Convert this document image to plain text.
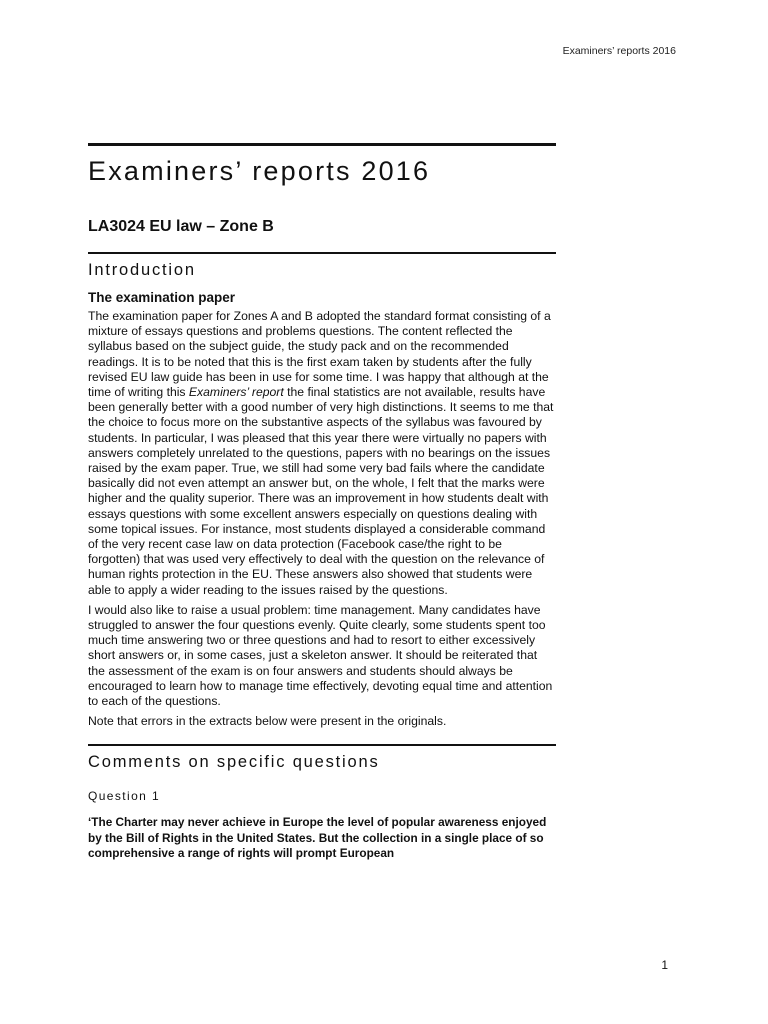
Examiners’ reports 2016
Examiners’ reports 2016
LA3024 EU law – Zone B
Introduction
The examination paper

The examination paper for Zones A and B adopted the standard format consisting of a mixture of essays questions and problems questions. The content reflected the syllabus based on the subject guide, the study pack and on the recommended readings. It is to be noted that this is the first exam taken by students after the fully revised EU law guide has been in use for some time. I was happy that although at the time of writing this Examiners’ report the final statistics are not available, results have been generally better with a good number of very high distinctions. It seems to me that the choice to focus more on the substantive aspects of the syllabus was favoured by students. In particular, I was pleased that this year there were virtually no papers with answers completely unrelated to the questions, papers with no bearings on the issues raised by the exam paper. True, we still had some very bad fails where the candidate basically did not even attempt an answer but, on the whole, I felt that the marks were higher and the quality superior. There was an improvement in how students dealt with essays questions with some excellent answers especially on questions dealing with some topical issues. For instance, most students displayed a considerable command of the very recent case law on data protection (Facebook case/the right to be forgotten) that was used very effectively to deal with the question on the relevance of human rights protection in the EU. These answers also showed that students were able to apply a wider reading to the issues raised by the questions.

I would also like to raise a usual problem: time management. Many candidates have struggled to answer the four questions evenly. Quite clearly, some students spent too much time answering two or three questions and had to resort to either excessively short answers or, in some cases, just a skeleton answer. It should be reiterated that the assessment of the exam is on four answers and students should always be encouraged to learn how to manage time effectively, devoting equal time and attention to each of the questions.

Note that errors in the extracts below were present in the originals.

Comments on specific questions
Question 1

‘The Charter may never achieve in Europe the level of popular awareness enjoyed by the Bill of Rights in the United States. But the collection in a single place of so comprehensive a range of rights will prompt European

1
